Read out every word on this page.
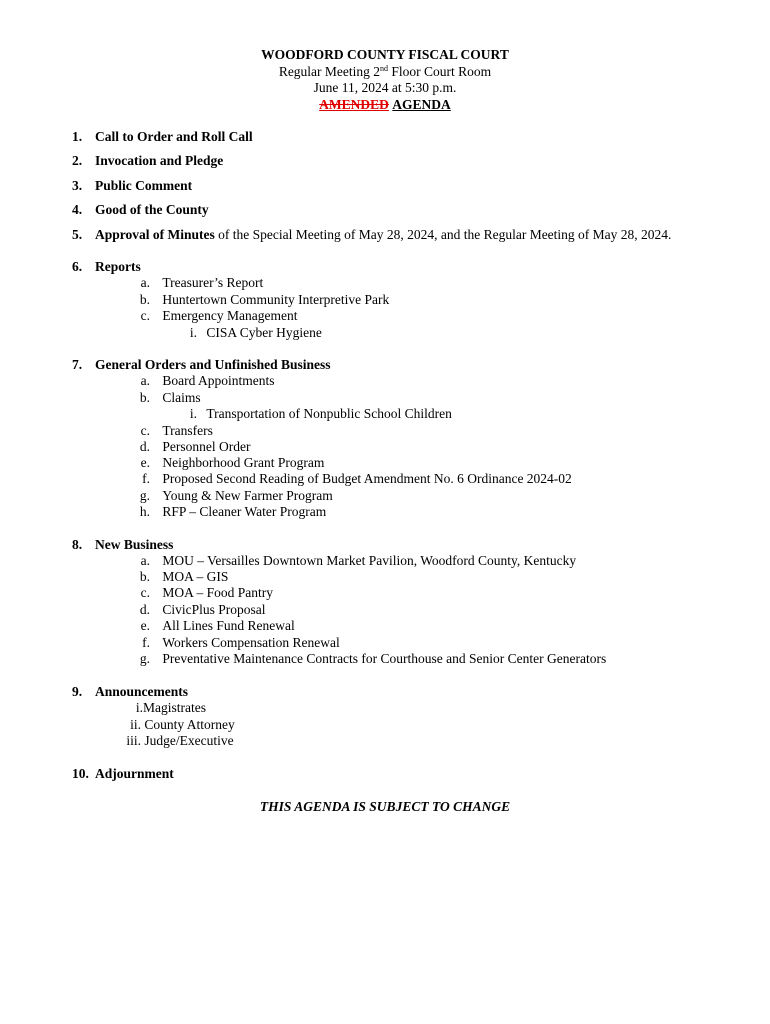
WOODFORD COUNTY FISCAL COURT
Regular Meeting 2nd Floor Court Room
June 11, 2024 at 5:30 p.m.
AMENDED AGENDA
1. Call to Order and Roll Call
2. Invocation and Pledge
3. Public Comment
4. Good of the County
5. Approval of Minutes of the Special Meeting of May 28, 2024, and the Regular Meeting of May 28, 2024.
6. Reports
a. Treasurer’s Report
b. Huntertown Community Interpretive Park
c. Emergency Management
i. CISA Cyber Hygiene
7. General Orders and Unfinished Business
a. Board Appointments
b. Claims
i. Transportation of Nonpublic School Children
c. Transfers
d. Personnel Order
e. Neighborhood Grant Program
f. Proposed Second Reading of Budget Amendment No. 6 Ordinance 2024-02
g. Young & New Farmer Program
h. RFP – Cleaner Water Program
8. New Business
a. MOU – Versailles Downtown Market Pavilion, Woodford County, Kentucky
b. MOA – GIS
c. MOA – Food Pantry
d. CivicPlus Proposal
e. All Lines Fund Renewal
f. Workers Compensation Renewal
g. Preventative Maintenance Contracts for Courthouse and Senior Center Generators
9. Announcements
i.Magistrates
ii. County Attorney
iii. Judge/Executive
10. Adjournment
THIS AGENDA IS SUBJECT TO CHANGE
